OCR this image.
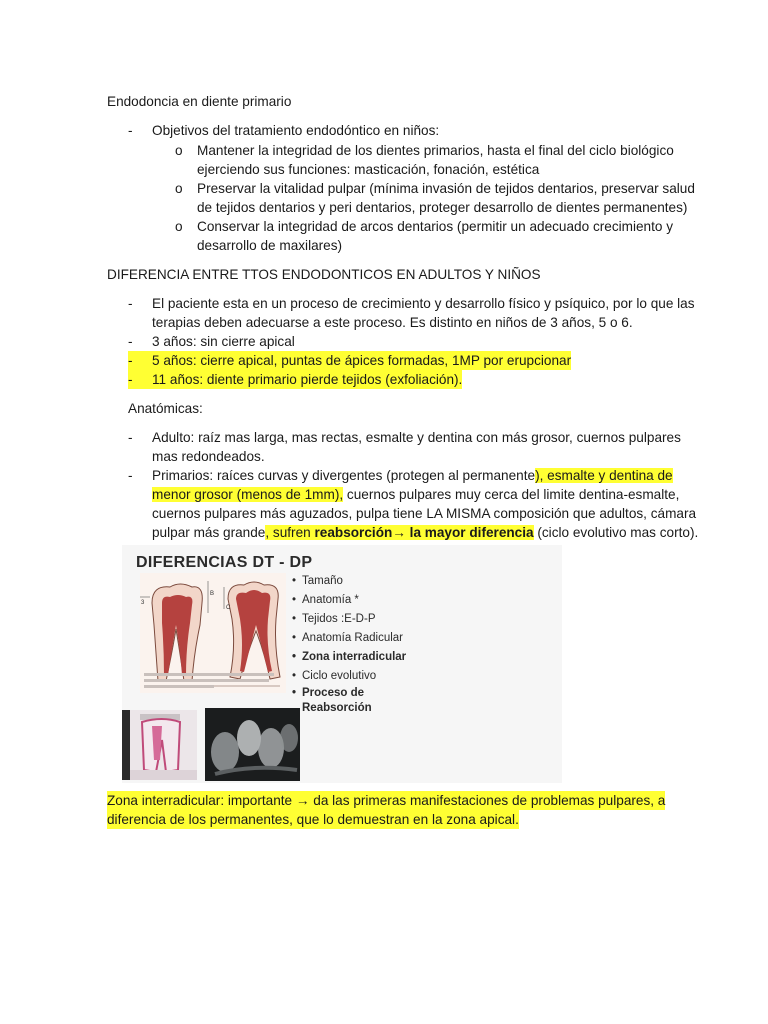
Endodoncia en diente primario
-	Objetivos del tratamiento endodóntico en niños:
o	Mantener la integridad de los dientes primarios, hasta el final del ciclo biológico
ejerciendo sus funciones: masticación, fonación, estética
o	Preservar la vitalidad pulpar (mínima invasión de tejidos dentarios, preservar salud
de tejidos dentarios y peri dentarios, proteger desarrollo de dientes permanentes)
o	Conservar la integridad de arcos dentarios (permitir un adecuado crecimiento y
desarrollo de maxilares)
DIFERENCIA ENTRE TTOS ENDODONTICOS EN ADULTOS Y NIÑOS
-	El paciente esta en un proceso de crecimiento y desarrollo físico y psíquico, por lo que las
terapias deben adecuarse a este proceso. Es distinto en niños de 3 años, 5 o 6.
-	3 años: sin cierre apical
-	5 años: cierre apical, puntas de ápices formadas, 1MP por erupcionar
-	11 años: diente primario pierde tejidos (exfoliación).
Anatómicas:
-	Adulto: raíz mas larga, mas rectas, esmalte y dentina con más grosor, cuernos pulpares
mas redondeados.
-	Primarios: raíces curvas y divergentes (protegen al permanente), esmalte y dentina de
menor grosor (menos de 1mm), cuernos pulpares muy cerca del limite dentina-esmalte,
cuernos pulpares más aguzados, pulpa tiene LA MISMA composición que adultos, cámara
pulpar más grande, sufren reabsorción→ la mayor diferencia (ciclo evolutivo mas corto).
DIFERENCIAS DT - DP
3
B
C
• Tamaño
• Anatomía *
• Tejidos :E-D-P
• Anatomía Radicular
• Zona interradicular
• Ciclo evolutivo
• Proceso de
Reabsorción
Zona interradicular: importante → da las primeras manifestaciones de problemas pulpares, a
diferencia de los permanentes, que lo demuestran en la zona apical.
